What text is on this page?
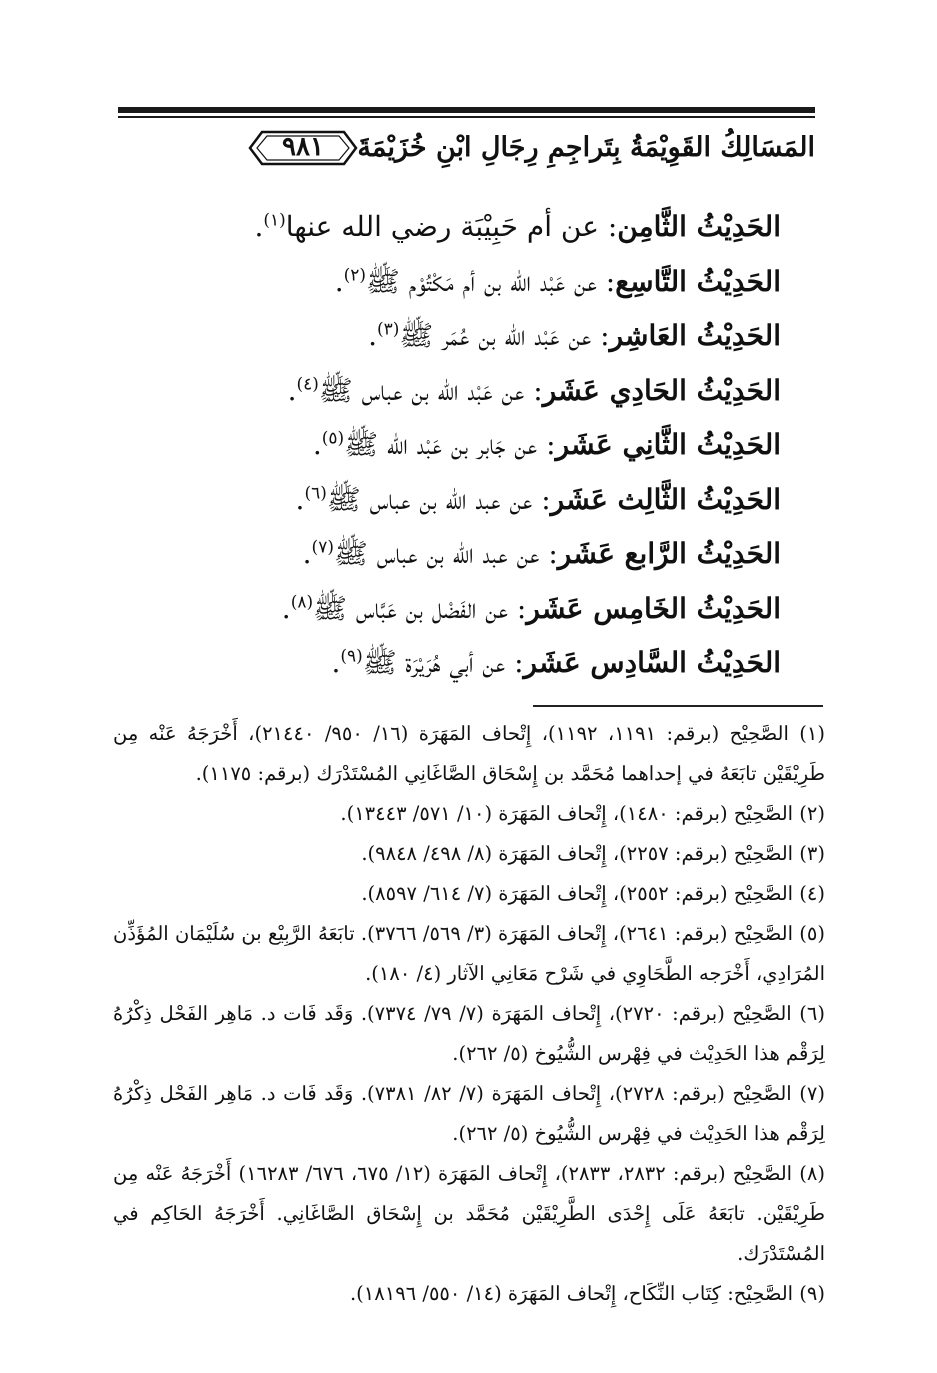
المَسَالِكُ القَوِيْمَةُ بِتَراجِمِ رِجَالِ ابْنِ خُزَيْمَةَ
٩٨١
الحَدِيْثُ الثَّامِن: عن أم حَبِيْبَة رضي الله عنها$^{(١)}$.
الحَدِيْثُ التَّاسِع: عن عَبْد الله بن أم مَكْتُوْم ﷺ$^{(٢)}$.
الحَدِيْثُ العَاشِر: عن عَبْد الله بن عُمَر ﷺ$^{(٣)}$.
الحَدِيْثُ الحَادِي عَشَر: عن عَبْد الله بن عباس ﷺ$^{(٤)}$.
الحَدِيْثُ الثَّانِي عَشَر: عن جَابر بن عَبْد الله ﷺ$^{(٥)}$.
الحَدِيْثُ الثَّالِث عَشَر: عن عبد الله بن عباس ﷺ$^{(٦)}$.
الحَدِيْثُ الرَّابع عَشَر: عن عبد الله بن عباس ﷺ$^{(٧)}$.
الحَدِيْثُ الخَامِس عَشَر: عن الفَضْل بن عَبَّاس ﷺ$^{(٨)}$.
الحَدِيْثُ السَّادِس عَشَر: عن أبي هُرَيْرَة ﷺ$^{(٩)}$.
(١) الصَّحِيْح (برقم: ١١٩١، ١١٩٢)، إِتْحاف المَهَرَة (١٦/ ٩٥٠/ ٢١٤٤٠)، أَخْرَجَهُ عَنْه مِن طَرِيْقَيْن تابَعَهُ في إحداهما مُحَمَّد بن إِسْحَاق الصَّاغَانِي المُسْتَدْرَك (برقم: ١١٧٥).
(٢) الصَّحِيْح (برقم: ١٤٨٠)، إِتْحاف المَهَرَة (١٠/ ٥٧١/ ١٣٤٤٣).
(٣) الصَّحِيْح (برقم: ٢٢٥٧)، إِتْحاف المَهَرَة (٨/ ٤٩٨/ ٩٨٤٨).
(٤) الصَّحِيْح (برقم: ٢٥٥٢)، إِتْحاف المَهَرَة (٧/ ٦١٤/ ٨٥٩٧).
(٥) الصَّحِيْح (برقم: ٢٦٤١)، إِتْحاف المَهَرَة (٣/ ٥٦٩/ ٣٧٦٦). تابَعَهُ الرَّبِيْع بن سُلَيْمَان المُؤَذِّن المُرَادِي، أَخْرَجه الطَّحَاوِي في شَرْح مَعَانِي الآثار (٤/ ١٨٠).
(٦) الصَّحِيْح (برقم: ٢٧٢٠)، إِتْحاف المَهَرَة (٧/ ٧٩/ ٧٣٧٤). وَقَد فَات د. مَاهِر الفَحْل ذِكْرُهُ لِرَقْم هذا الحَدِيْث في فِهْرس الشُّيُوخ (٥/ ٢٦٢).
(٧) الصَّحِيْح (برقم: ٢٧٢٨)، إِتْحاف المَهَرَة (٧/ ٨٢/ ٧٣٨١). وَقَد فَات د. مَاهِر الفَحْل ذِكْرُهُ لِرَقْم هذا الحَدِيْث في فِهْرس الشُّيُوخ (٥/ ٢٦٢).
(٨) الصَّحِيْح (برقم: ٢٨٣٢، ٢٨٣٣)، إِتْحاف المَهَرَة (١٢/ ٦٧٥، ٦٧٦/ ١٦٢٨٣) أَخْرَجَهُ عَنْه مِن طَرِيْقَيْن. تابَعَهُ عَلَى إِحْدَى الطَّرِيْقَيْن مُحَمَّد بن إِسْحَاق الصَّاغَانِي. أَخْرَجَهُ الحَاكِم في المُسْتَدْرَك.
(٩) الصَّحِيْح: كِتَاب النِّكَاح، إِتْحاف المَهَرَة (١٤/ ٥٥٠/ ١٨١٩٦).
